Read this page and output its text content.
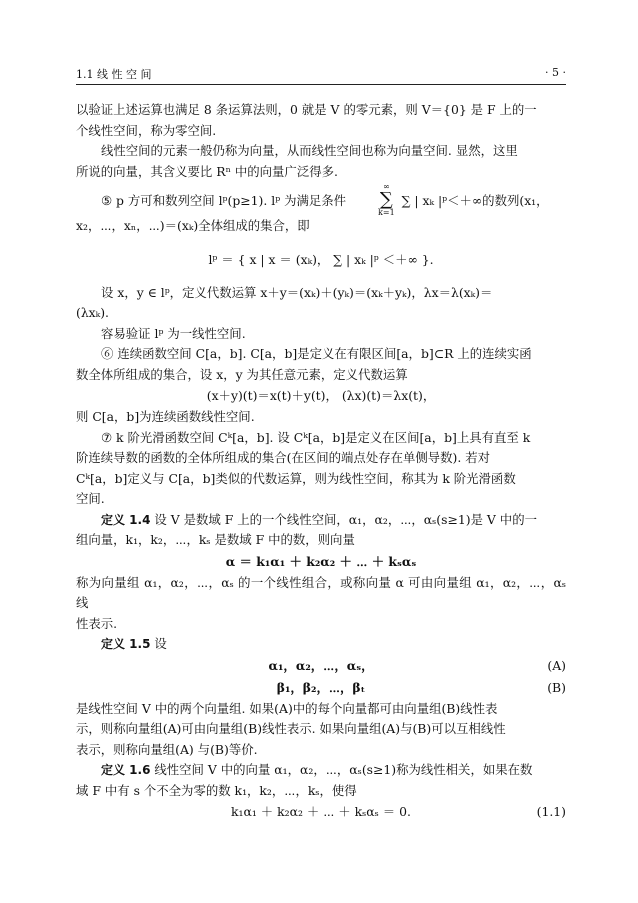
1.1 线 性 空 间	· 5 ·

以验证上述运算也满足 8 条运算法则，0 就是 V 的零元素，则 V＝{0} 是 F 上的一

个线性空间，称为零空间.

线性空间的元素一般仍称为向量，从而线性空间也称为向量空间. 显然，这里

所说的向量，其含义要比 Rⁿ 中的向量广泛得多.

⑤ p 方可和数列空间 lᵖ(p≥1). lᵖ 为满足条件
∞
∑
k=1
∑ | xₖ |ᵖ＜＋∞的数列(x₁，

x₂，⋯，xₙ，⋯)＝(xₖ)全体组成的集合，即

lᵖ ＝ { x | x ＝ (xₖ)， ∑ | xₖ |ᵖ ＜＋∞ }.

设 x，y ∈ lᵖ，定义代数运算 x＋y＝(xₖ)＋(yₖ)＝(xₖ＋yₖ)，λx＝λ(xₖ)＝

(λxₖ).

容易验证 lᵖ 为一线性空间.

⑥ 连续函数空间 C[a，b]. C[a，b]是定义在有限区间[a，b]⊂R 上的连续实函

数全体所组成的集合，设 x，y 为其任意元素，定义代数运算

(x＋y)(t)＝x(t)＋y(t)， (λx)(t)＝λx(t)，

则 C[a，b]为连续函数线性空间.

⑦ k 阶光滑函数空间 Cᵏ[a，b]. 设 Cᵏ[a，b]是定义在区间[a，b]上具有直至 k

阶连续导数的函数的全体所组成的集合(在区间的端点处存在单侧导数). 若对

Cᵏ[a，b]定义与 C[a，b]类似的代数运算，则为线性空间，称其为 k 阶光滑函数

空间.

定义 1.4 设 V 是数域 F 上的一个线性空间，α₁，α₂，⋯，αₛ(s≥1)是 V 中的一

组向量，k₁，k₂，⋯，kₛ 是数域 F 中的数，则向量

α ＝ k₁α₁ ＋ k₂α₂ ＋ ⋯ ＋ kₛαₛ

称为向量组 α₁，α₂，⋯，αₛ 的一个线性组合，或称向量 α 可由向量组 α₁，α₂，⋯，αₛ 线

性表示.

定义 1.5 设

α₁，α₂，⋯，αₛ，	(A)
β₁，β₂，⋯，βₜ	(B)

是线性空间 V 中的两个向量组. 如果(A)中的每个向量都可由向量组(B)线性表

示，则称向量组(A)可由向量组(B)线性表示. 如果向量组(A)与(B)可以互相线性

表示，则称向量组(A) 与(B)等价.

定义 1.6 线性空间 V 中的向量 α₁，α₂，⋯，αₛ(s≥1)称为线性相关，如果在数

域 F 中有 s 个不全为零的数 k₁，k₂，⋯，kₛ，使得

k₁α₁ ＋ k₂α₂ ＋ ⋯ ＋ kₛαₛ ＝ 0.	(1.1)
